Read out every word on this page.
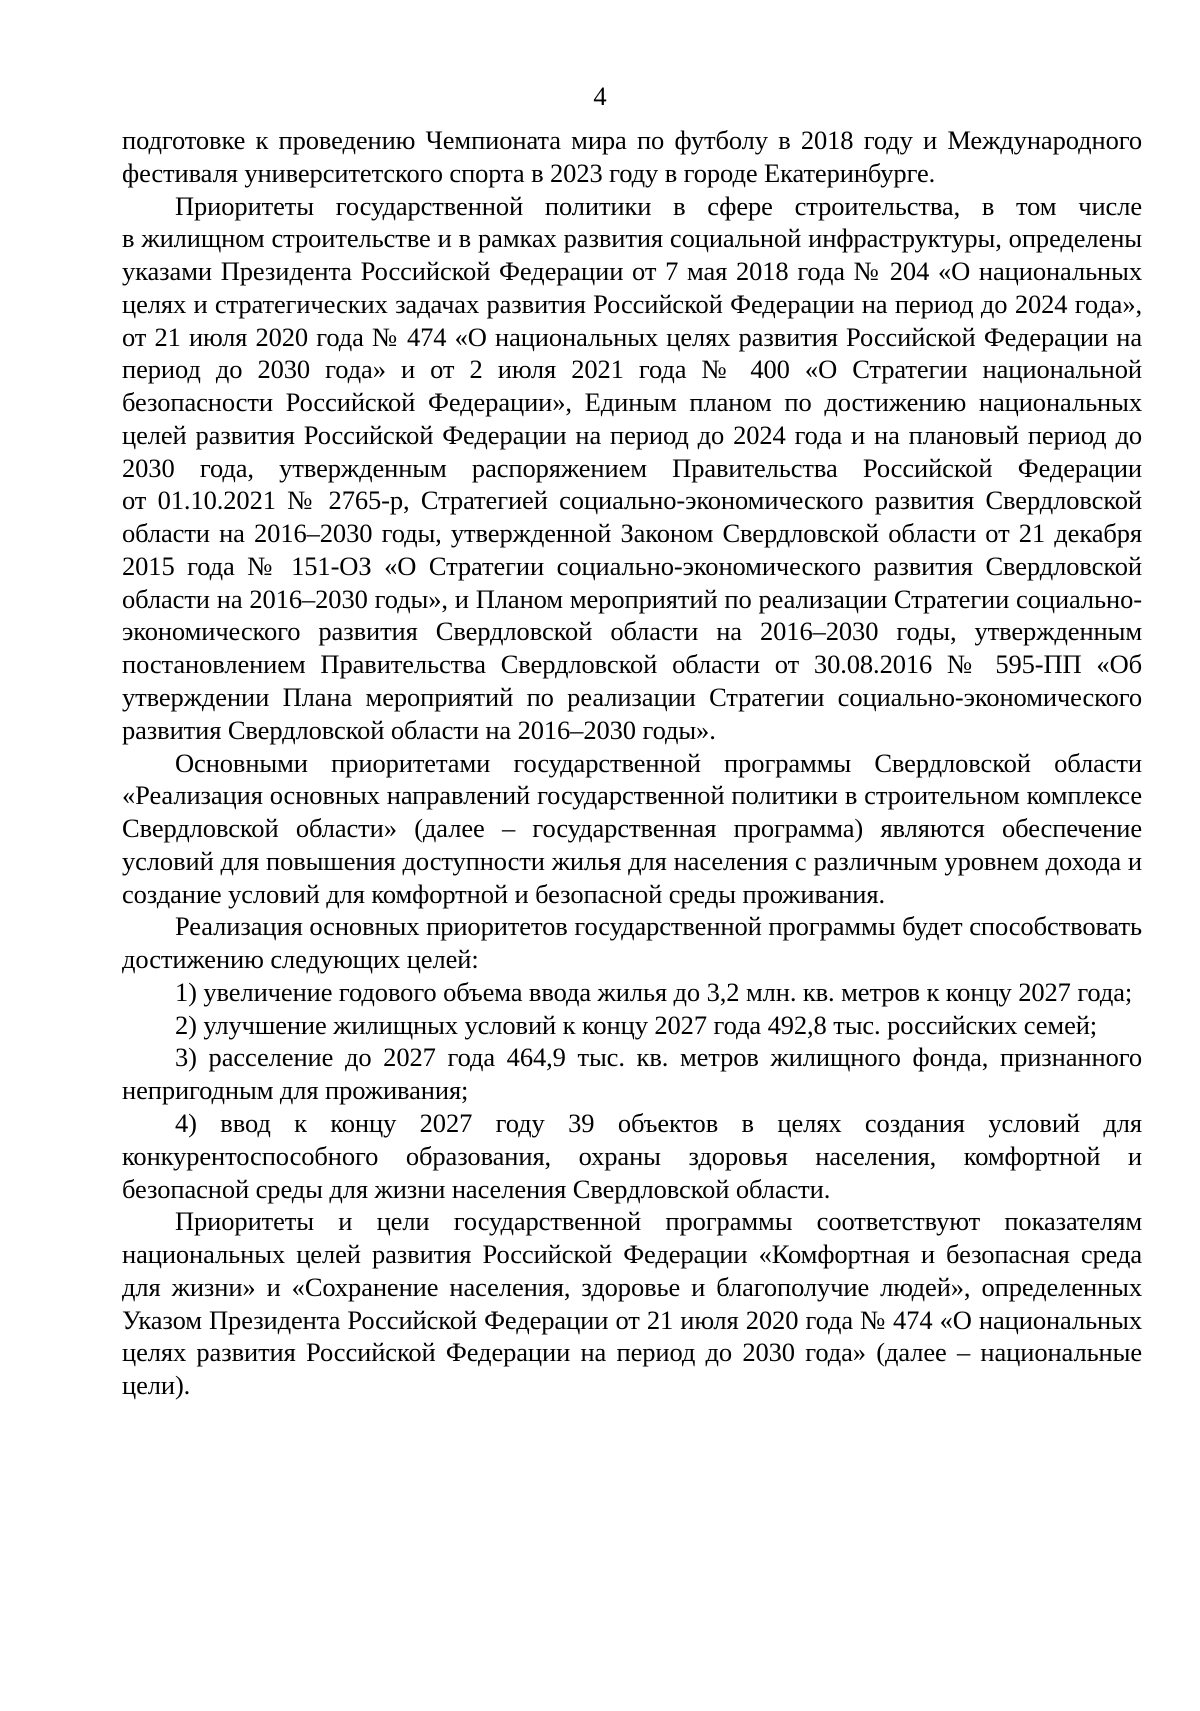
4

подготовке к проведению Чемпионата мира по футболу в 2018 году и Международного фестиваля университетского спорта в 2023 году в городе Екатеринбурге.

Приоритеты государственной политики в сфере строительства, в том числе в жилищном строительстве и в рамках развития социальной инфраструктуры, определены указами Президента Российской Федерации от 7 мая 2018 года № 204 «О национальных целях и стратегических задачах развития Российской Федерации на период до 2024 года», от 21 июля 2020 года № 474 «О национальных целях развития Российской Федерации на период до 2030 года» и от 2 июля 2021 года № 400 «О Стратегии национальной безопасности Российской Федерации», Единым планом по достижению национальных целей развития Российской Федерации на период до 2024 года и на плановый период до 2030 года, утвержденным распоряжением Правительства Российской Федерации от 01.10.2021 № 2765-р, Стратегией социально-экономического развития Свердловской области на 2016–2030 годы, утвержденной Законом Свердловской области от 21 декабря 2015 года № 151-ОЗ «О Стратегии социально-экономического развития Свердловской области на 2016–2030 годы», и Планом мероприятий по реализации Стратегии социально-экономического развития Свердловской области на 2016–2030 годы, утвержденным постановлением Правительства Свердловской области от 30.08.2016 № 595-ПП «Об утверждении Плана мероприятий по реализации Стратегии социально-экономического развития Свердловской области на 2016–2030 годы».

Основными приоритетами государственной программы Свердловской области «Реализация основных направлений государственной политики в строительном комплексе Свердловской области» (далее – государственная программа) являются обеспечение условий для повышения доступности жилья для населения с различным уровнем дохода и создание условий для комфортной и безопасной среды проживания.

Реализация основных приоритетов государственной программы будет способствовать достижению следующих целей:

1) увеличение годового объема ввода жилья до 3,2 млн. кв. метров к концу 2027 года;

2) улучшение жилищных условий к концу 2027 года 492,8 тыс. российских семей;

3) расселение до 2027 года 464,9 тыс. кв. метров жилищного фонда, признанного непригодным для проживания;

4) ввод к концу 2027 году 39 объектов в целях создания условий для конкурентоспособного образования, охраны здоровья населения, комфортной и безопасной среды для жизни населения Свердловской области.

Приоритеты и цели государственной программы соответствуют показателям национальных целей развития Российской Федерации «Комфортная и безопасная среда для жизни» и «Сохранение населения, здоровье и благополучие людей», определенных Указом Президента Российской Федерации от 21 июля 2020 года № 474 «О национальных целях развития Российской Федерации на период до 2030 года» (далее – национальные цели).
